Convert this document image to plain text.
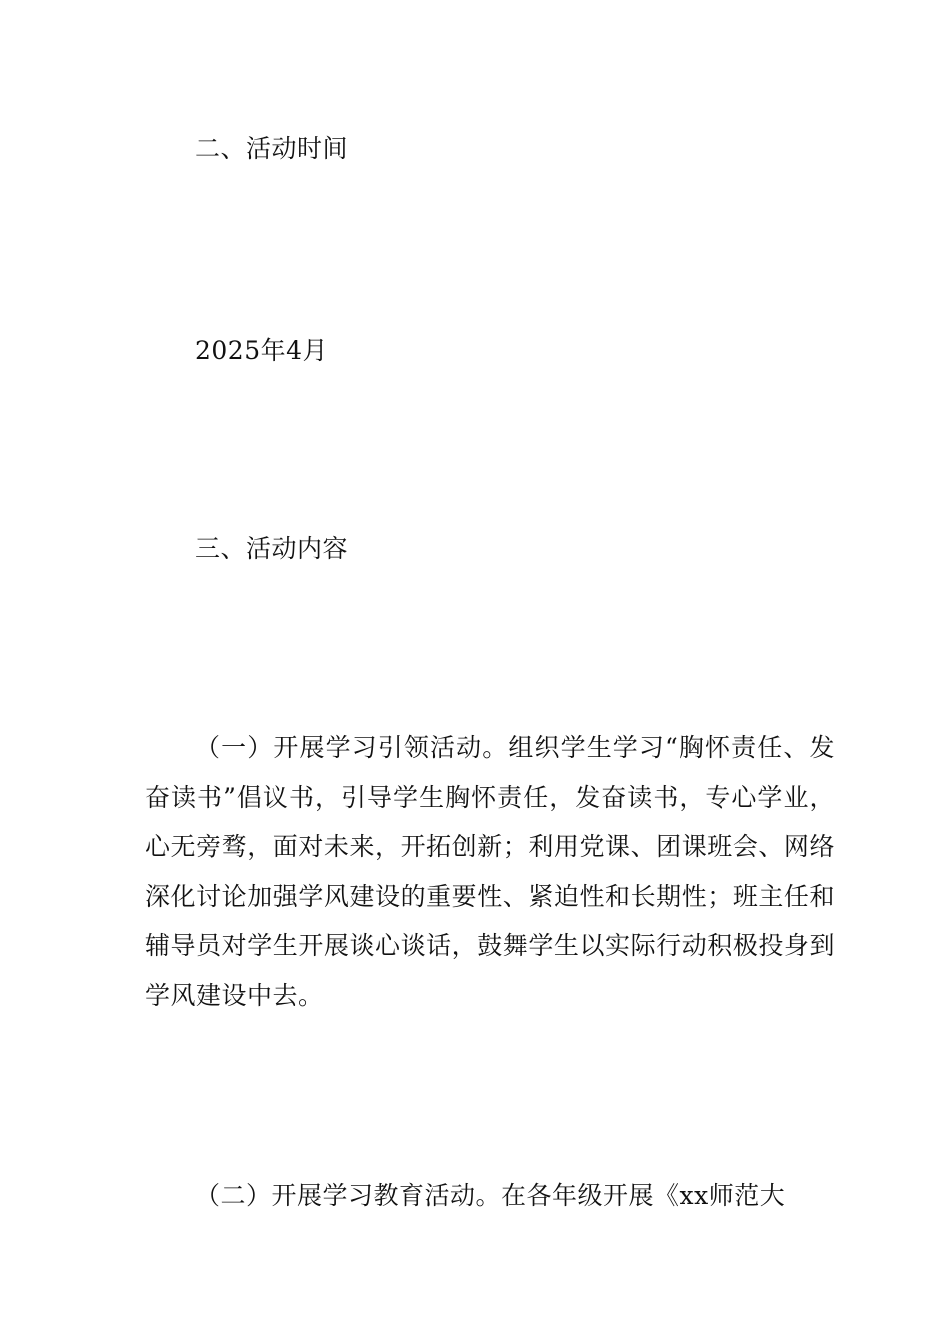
二、活动时间
2025年4月
三、活动内容

（一）开展学习引领活动。组织学生学习“胸怀责任、发奋读书”倡议书，引导学生胸怀责任，发奋读书，专心学业，心无旁骛，面对未来，开拓创新；利用党课、团课班会、网络深化讨论加强学风建设的重要性、紧迫性和长期性；班主任和辅导员对学生开展谈心谈话，鼓舞学生以实际行动积极投身到学风建设中去。

（二）开展学习教育活动。在各年级开展《xx师范大
